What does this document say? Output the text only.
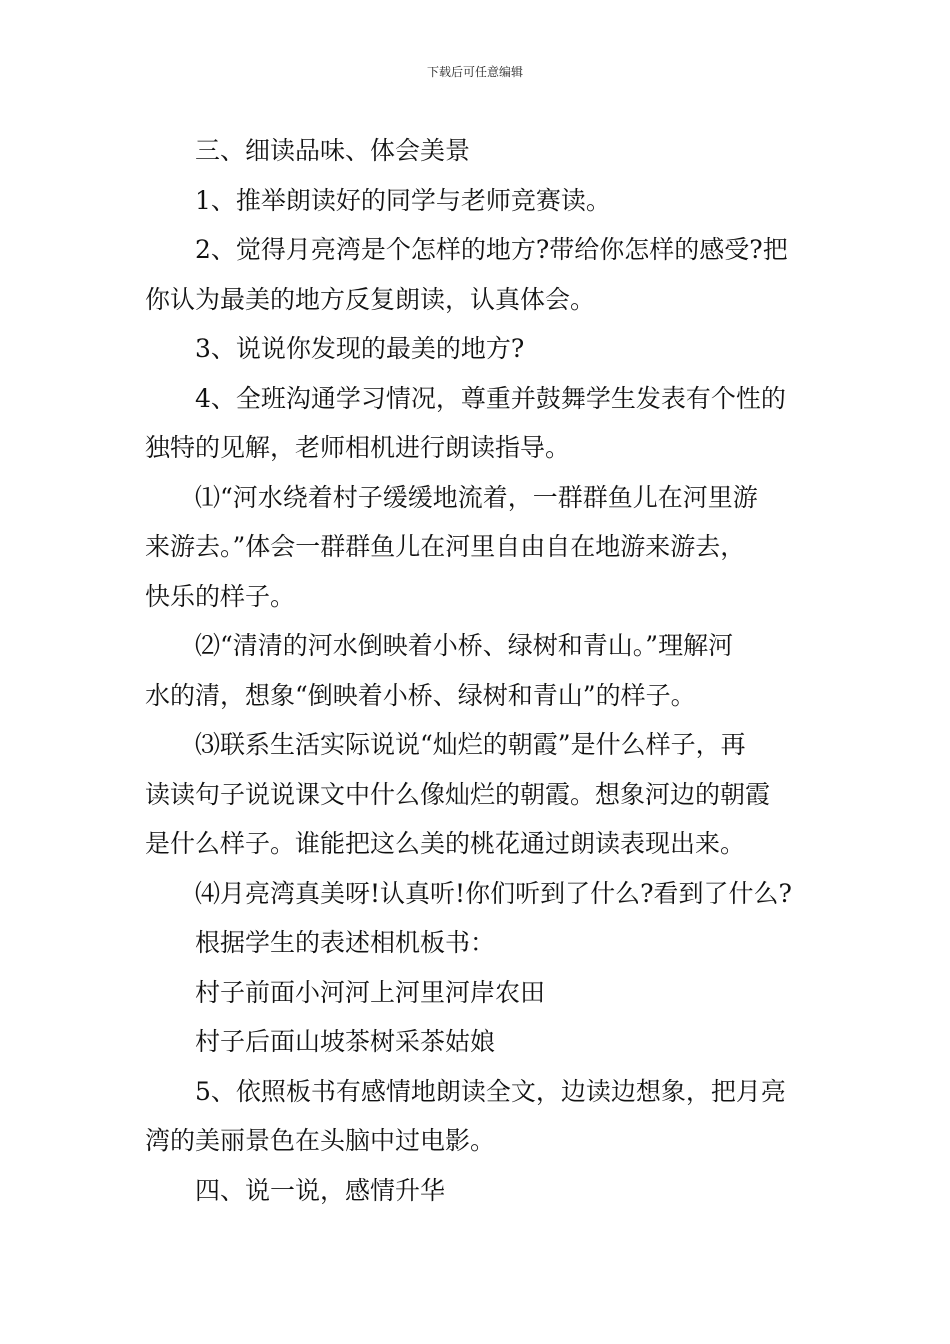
下载后可任意编辑
三、细读品味、体会美景
1、推举朗读好的同学与老师竞赛读。
2、觉得月亮湾是个怎样的地方?带给你怎样的感受?把
你认为最美的地方反复朗读，认真体会。
3、说说你发现的最美的地方?
4、全班沟通学习情况，尊重并鼓舞学生发表有个性的
独特的见解，老师相机进行朗读指导。
⑴“河水绕着村子缓缓地流着，一群群鱼儿在河里游
来游去。”体会一群群鱼儿在河里自由自在地游来游去，
快乐的样子。
⑵“清清的河水倒映着小桥、绿树和青山。”理解河
水的清，想象“倒映着小桥、绿树和青山”的样子。
⑶联系生活实际说说“灿烂的朝霞”是什么样子，再
读读句子说说课文中什么像灿烂的朝霞。想象河边的朝霞
是什么样子。谁能把这么美的桃花通过朗读表现出来。
⑷月亮湾真美呀!认真听!你们听到了什么?看到了什么?
根据学生的表述相机板书：
村子前面小河河上河里河岸农田
村子后面山坡茶树采茶姑娘
5、依照板书有感情地朗读全文，边读边想象，把月亮
湾的美丽景色在头脑中过电影。
四、说一说，感情升华
